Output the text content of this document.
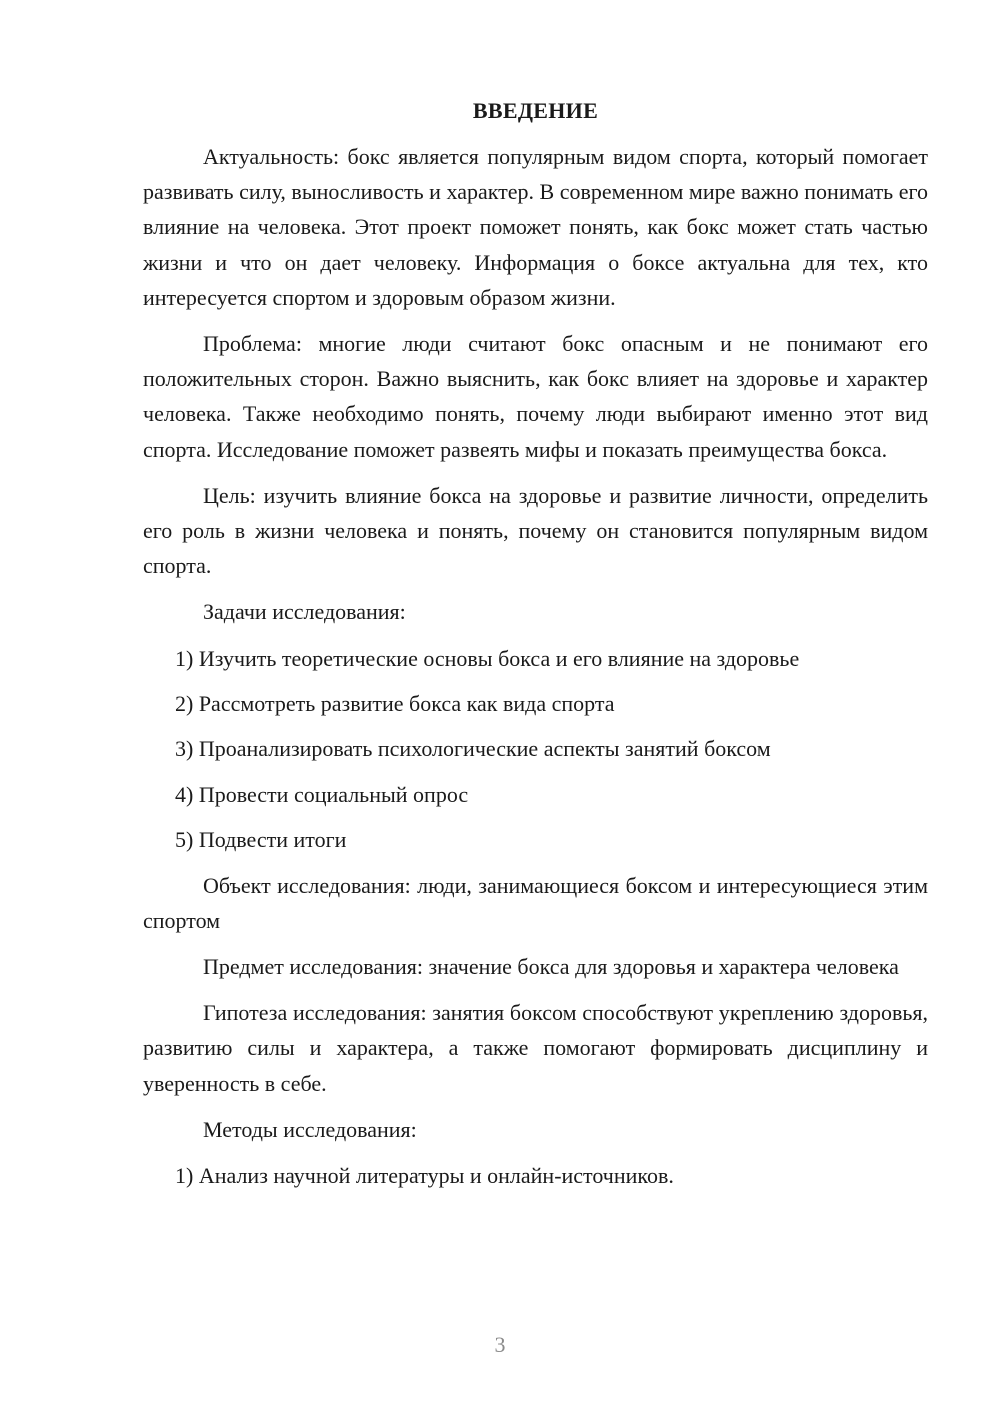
ВВЕДЕНИЕ

Актуальность: бокс является популярным видом спорта, который помогает развивать силу, выносливость и характер. В современном мире важно понимать его влияние на человека. Этот проект поможет понять, как бокс может стать частью жизни и что он дает человеку. Информация о боксе актуальна для тех, кто интересуется спортом и здоровым образом жизни.

Проблема: многие люди считают бокс опасным и не понимают его положительных сторон. Важно выяснить, как бокс влияет на здоровье и характер человека. Также необходимо понять, почему люди выбирают именно этот вид спорта. Исследование поможет развеять мифы и показать преимущества бокса.

Цель: изучить влияние бокса на здоровье и развитие личности, определить его роль в жизни человека и понять, почему он становится популярным видом спорта.

Задачи исследования:

1) Изучить теоретические основы бокса и его влияние на здоровье
2) Рассмотреть развитие бокса как вида спорта
3) Проанализировать психологические аспекты занятий боксом
4) Провести социальный опрос
5) Подвести итоги

Объект исследования: люди, занимающиеся боксом и интересующиеся этим спортом

Предмет исследования: значение бокса для здоровья и характера человека

Гипотеза исследования: занятия боксом способствуют укреплению здоровья, развитию силы и характера, а также помогают формировать дисциплину и уверенность в себе.

Методы исследования:

1) Анализ научной литературы и онлайн-источников.
3
